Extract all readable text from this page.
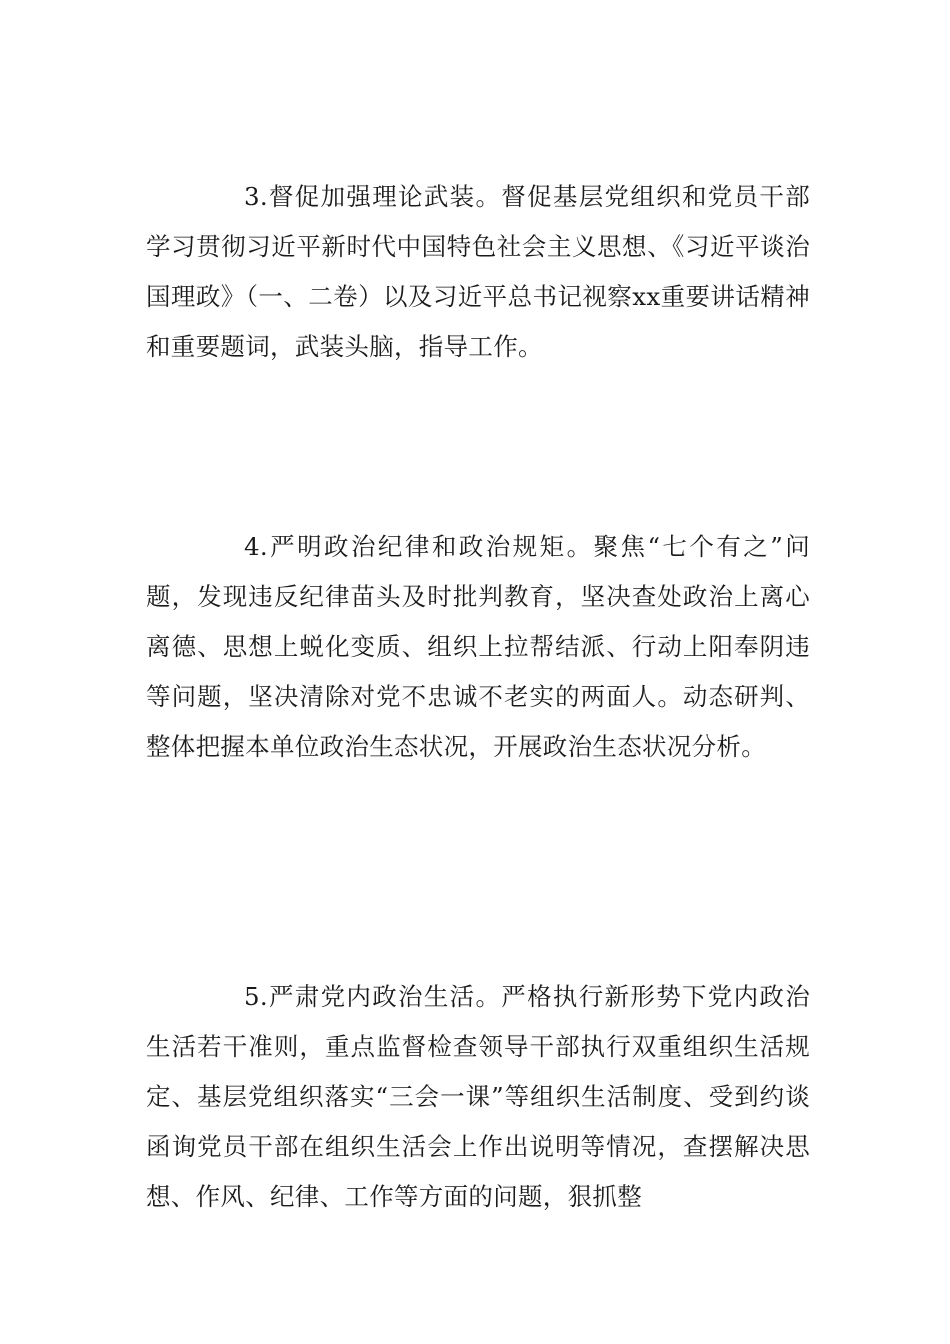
3.督促加强理论武装。督促基层党组织和党员干部学习贯彻习近平新时代中国特色社会主义思想、《习近平谈治国理政》（一、二卷）以及习近平总书记视察xx重要讲话精神和重要题词，武装头脑，指导工作。

4.严明政治纪律和政治规矩。聚焦“七个有之”问题，发现违反纪律苗头及时批判教育，坚决查处政治上离心离德、思想上蜕化变质、组织上拉帮结派、行动上阳奉阴违等问题，坚决清除对党不忠诚不老实的两面人。动态研判、整体把握本单位政治生态状况，开展政治生态状况分析。

5.严肃党内政治生活。严格执行新形势下党内政治生活若干准则，重点监督检查领导干部执行双重组织生活规定、基层党组织落实“三会一课”等组织生活制度、受到约谈函询党员干部在组织生活会上作出说明等情况，查摆解决思想、作风、纪律、工作等方面的问题，狠抓整
